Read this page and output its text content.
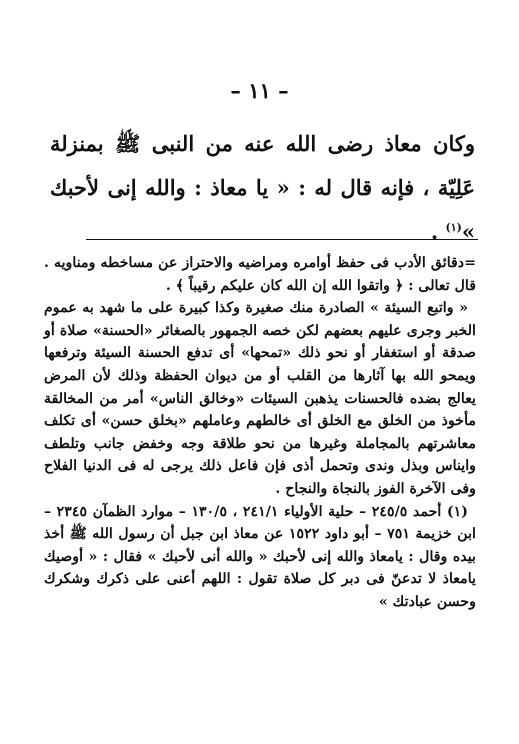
– ١١ –

وكان معاذ رضى الله عنه من النبى ﷺ بمنزلة عَلِيّة ، فإنه قال له : « يا معاذ : والله إنى لأحبك »$^{(١)}$ .

=دقائق الأدب فى حفظ أوامره ومراضيه والاحتراز عن مساخطه ومناويه . قال تعالى : ﴿ واتقوا الله إن الله كان عليكم رقيباً ﴾ .

« واتبع السيئة » الصادرة منك صغيرة وكذا كبيرة على ما شهد به عموم الخبر وجرى عليهم بعضهم لكن خصه الجمهور بالصغائر «الحسنة» صلاة أو صدقة أو استغفار أو نحو ذلك «تمحها» أى تدفع الحسنة السيئة وترفعها ويمحو الله بها آثارها من القلب أو من ديوان الحفظة وذلك لأن المرض يعالج بضده فالحسنات يذهبن السيئات «وخالق الناس» أمر من المخالقة مأخوذ من الخلق مع الخلق أى خالطهم وعاملهم «بخلق حسن» أى تكلف معاشرتهم بالمجاملة وغيرها من نحو طلاقة وجه وخفض جانب وتلطف وايناس وبذل وندى وتحمل أذى فإن فاعل ذلك يرجى له فى الدنيا الفلاح وفى الآخرة الفوز بالنجاة والنجاح .

(١) أحمد ٢٤٥/٥ – حلية الأولياء ٢٤١/١ ، ١٣٠/٥ – موارد الظمآن ٢٣٤٥ – ابن خزيمة ٧٥١ – أبو داود ١٥٢٢ عن معاذ ابن جبل أن رسول الله ﷺ أخذ بيده وقال : يامعاذ والله إنى لأحبك « والله أنى لأحبك » فقال : « أوصيك يامعاذ لا تدعنّ فى دبر كل صلاة تقول : اللهم أعنى على ذكرك وشكرك وحسن عبادتك »
